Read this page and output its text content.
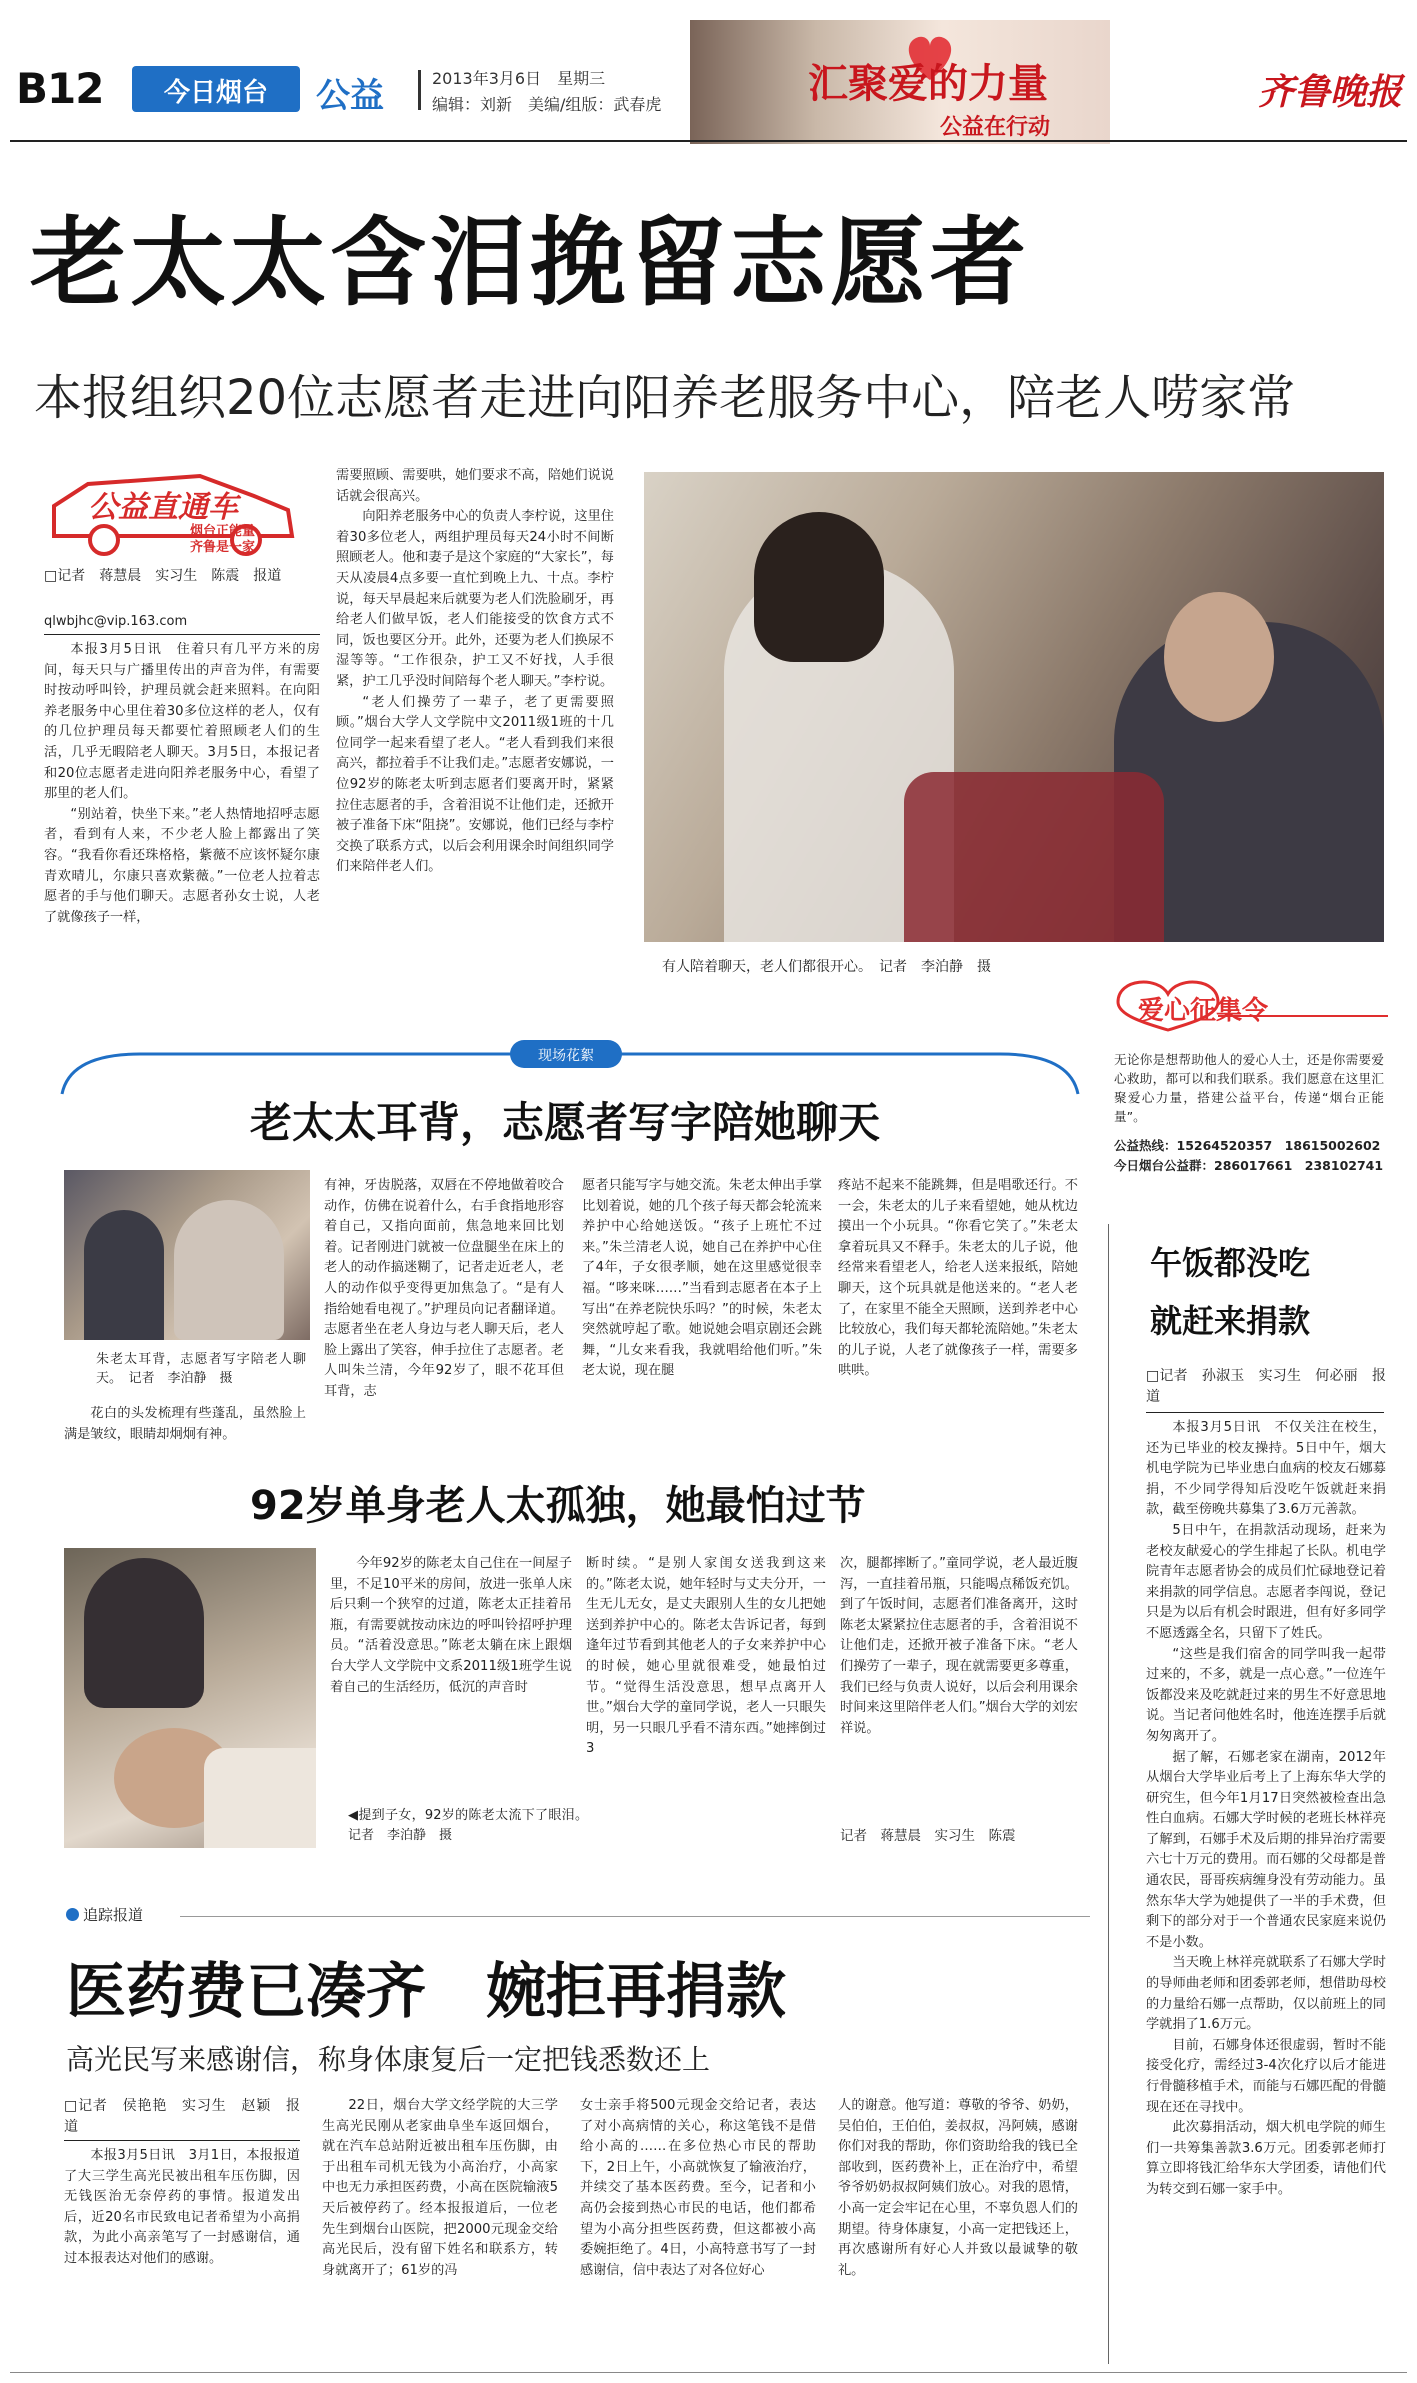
B12	今日烟台	公益	2013年3月6日　星期三
编辑：刘新　美编/组版：武春虎	汇聚爱的力量
公益在行动
齐鲁晚报
老太太含泪挽留志愿者
本报组织20位志愿者走进向阳养老服务中心，陪老人唠家常
公益直通车
烟台正能量
齐鲁是一家
□记者　蒋慧晨　实习生　陈震　报道
qlwbjhc@vip.163.com

本报3月5日讯　住着只有几平方米的房间，每天只与广播里传出的声音为伴，有需要时按动呼叫铃，护理员就会赶来照料。在向阳养老服务中心里住着30多位这样的老人，仅有的几位护理员每天都要忙着照顾老人们的生活，几乎无暇陪老人聊天。3月5日，本报记者和20位志愿者走进向阳养老服务中心，看望了那里的老人们。

“别站着，快坐下来。”老人热情地招呼志愿者，看到有人来，不少老人脸上都露出了笑容。“我看你看还珠格格，紫薇不应该怀疑尔康青欢晴儿，尔康只喜欢紫薇。”一位老人拉着志愿者的手与他们聊天。志愿者孙女士说，人老了就像孩子一样，

需要照顾、需要哄，她们要求不高，陪她们说说话就会很高兴。

向阳养老服务中心的负责人李柠说，这里住着30多位老人，两组护理员每天24小时不间断照顾老人。他和妻子是这个家庭的“大家长”，每天从凌晨4点多要一直忙到晚上九、十点。李柠说，每天早晨起来后就要为老人们洗脸刷牙，再给老人们做早饭，老人们能接受的饮食方式不同，饭也要区分开。此外，还要为老人们换尿不湿等等。“工作很杂，护工又不好找，人手很紧，护工几乎没时间陪每个老人聊天。”李柠说。

“老人们操劳了一辈子，老了更需要照顾。”烟台大学人文学院中文2011级1班的十几位同学一起来看望了老人。“老人看到我们来很高兴，都拉着手不让我们走。”志愿者安娜说，一位92岁的陈老太听到志愿者们要离开时，紧紧拉住志愿者的手，含着泪说不让他们走，还掀开被子准备下床“阻挠”。安娜说，他们已经与李柠交换了联系方式，以后会利用课余时间组织同学们来陪伴老人们。

有人陪着聊天，老人们都很开心。　记者　李泊静　摄
爱心征集令
无论你是想帮助他人的爱心人士，还是你需要爱心救助，都可以和我们联系。我们愿意在这里汇聚爱心力量，搭建公益平台，传递“烟台正能量”。
公益热线：15264520357　18615002602
今日烟台公益群：286017661　238102741
现场花絮
老太太耳背，志愿者写字陪她聊天
朱老太耳背，志愿者写字陪老人聊天。　记者　李泊静　摄

花白的头发梳理有些蓬乱，虽然脸上满是皱纹，眼睛却炯炯有神。

有神，牙齿脱落，双唇在不停地做着咬合动作，仿佛在说着什么，右手食指地形容着自己，又指向面前，焦急地来回比划着。记者刚进门就被一位盘腿坐在床上的老人的动作搞迷糊了，记者走近老人，老人的动作似乎变得更加焦急了。“是有人指给她看电视了。”护理员向记者翻译道。志愿者坐在老人身边与老人聊天后，老人脸上露出了笑容，伸手拉住了志愿者。老人叫朱兰清，今年92岁了，眼不花耳但耳背，志
愿者只能写字与她交流。朱老太伸出手掌比划着说，她的几个孩子每天都会轮流来养护中心给她送饭。“孩子上班忙不过来。”朱兰清老人说，她自己在养护中心住了4年，子女很孝顺，她在这里感觉很幸福。“哆来咪……”当看到志愿者在本子上写出“在养老院快乐吗？”的时候，朱老太突然就哼起了歌。她说她会唱京剧还会跳舞，“儿女来看我，我就唱给他们听。”朱老太说，现在腿
疼站不起来不能跳舞，但是唱歌还行。不一会，朱老太的儿子来看望她，她从枕边摸出一个小玩具。“你看它笑了。”朱老太拿着玩具又不释手。朱老太的儿子说，他经常来看望老人，给老人送来报纸，陪她聊天，这个玩具就是他送来的。“老人老了，在家里不能全天照顾，送到养老中心比较放心，我们每天都轮流陪她。”朱老太的儿子说，人老了就像孩子一样，需要多哄哄。
92岁单身老人太孤独，她最怕过节
◀提到子女，92岁的陈老太流下了眼泪。记者　李泊静　摄

今年92岁的陈老太自己住在一间屋子里，不足10平米的房间，放进一张单人床后只剩一个狭窄的过道，陈老太正挂着吊瓶，有需要就按动床边的呼叫铃招呼护理员。“活着没意思。”陈老太躺在床上跟烟台大学人文学院中文系2011级1班学生说着自己的生活经历，低沉的声音时

断时续。“是别人家闺女送我到这来的。”陈老太说，她年轻时与丈夫分开，一生无儿无女，是丈夫跟别人生的女儿把她送到养护中心的。陈老太告诉记者，每到逢年过节看到其他老人的子女来养护中心的时候，她心里就很难受，她最怕过节。“觉得生活没意思，想早点离开人世。”烟台大学的童同学说，老人一只眼失明，另一只眼几乎看不清东西。”她摔倒过3
次，腿都摔断了。”童同学说，老人最近腹泻，一直挂着吊瓶，只能喝点稀饭充饥。到了午饭时间，志愿者们准备离开，这时陈老太紧紧拉住志愿者的手，含着泪说不让他们走，还掀开被子准备下床。“老人们操劳了一辈子，现在就需要更多尊重，我们已经与负责人说好，以后会利用课余时间来这里陪伴老人们。”烟台大学的刘宏祥说。
记者　蒋慧晨　实习生　陈震
午饭都没吃
就赶来捐款
□记者　孙淑玉　实习生　何必丽　报道

本报3月5日讯　不仅关注在校生，还为已毕业的校友操持。5日中午，烟大机电学院为已毕业患白血病的校友石娜募捐，不少同学得知后没吃午饭就赶来捐款，截至傍晚共募集了3.6万元善款。

5日中午，在捐款活动现场，赶来为老校友献爱心的学生排起了长队。机电学院青年志愿者协会的成员们忙碌地登记着来捐款的同学信息。志愿者李闯说，登记只是为以后有机会时跟进，但有好多同学不愿透露全名，只留下了姓氏。

“这些是我们宿舍的同学叫我一起带过来的，不多，就是一点心意。”一位连午饭都没来及吃就赶过来的男生不好意思地说。当记者问他姓名时，他连连摆手后就匆匆离开了。

据了解，石娜老家在湖南，2012年从烟台大学毕业后考上了上海东华大学的研究生，但今年1月17日突然被检查出急性白血病。石娜大学时候的老班长林祥亮了解到，石娜手术及后期的排异治疗需要六七十万元的费用。而石娜的父母都是普通农民，哥哥疾病缠身没有劳动能力。虽然东华大学为她提供了一半的手术费，但剩下的部分对于一个普通农民家庭来说仍不是小数。

当天晚上林祥亮就联系了石娜大学时的导师曲老师和团委郭老师，想借助母校的力量给石娜一点帮助，仅以前班上的同学就捐了1.6万元。

目前，石娜身体还很虚弱，暂时不能接受化疗，需经过3-4次化疗以后才能进行骨髓移植手术，而能与石娜匹配的骨髓现在还在寻找中。

此次募捐活动，烟大机电学院的师生们一共筹集善款3.6万元。团委郭老师打算立即将钱汇给华东大学团委，请他们代为转交到石娜一家手中。

追踪报道
医药费已凑齐　婉拒再捐款
高光民写来感谢信，称身体康复后一定把钱悉数还上
□记者　侯艳艳　实习生　赵颖　报道

本报3月5日讯　3月1日，本报报道了大三学生高光民被出租车压伤脚，因无钱医治无奈停药的事情。报道发出后，近20名市民致电记者希望为小高捐款，为此小高亲笔写了一封感谢信，通过本报表达对他们的感谢。

22日，烟台大学文经学院的大三学生高光民刚从老家曲阜坐车返回烟台，就在汽车总站附近被出租车压伤脚，由于出租车司机无钱为小高治疗，小高家中也无力承担医药费，小高在医院输液5天后被停药了。经本报报道后，一位老先生到烟台山医院，把2000元现金交给高光民后，没有留下姓名和联系方，转身就离开了；61岁的冯

女士亲手将500元现金交给记者，表达了对小高病情的关心，称这笔钱不是借给小高的……在多位热心市民的帮助下，2日上午，小高就恢复了输液治疗，并续交了基本医药费。至今，记者和小高仍会接到热心市民的电话，他们都希望为小高分担些医药费，但这都被小高委婉拒绝了。4日，小高特意书写了一封感谢信，信中表达了对各位好心
人的谢意。他写道：尊敬的爷爷、奶奶，吴伯伯，王伯伯，姜叔叔，冯阿姨，感谢你们对我的帮助，你们资助给我的钱已全部收到，医药费补上，正在治疗中，希望爷爷奶奶叔叔阿姨们放心。对我的恩情，小高一定会牢记在心里，不辜负恩人们的期望。待身体康复，小高一定把钱还上，再次感谢所有好心人并致以最诚挚的敬礼。
